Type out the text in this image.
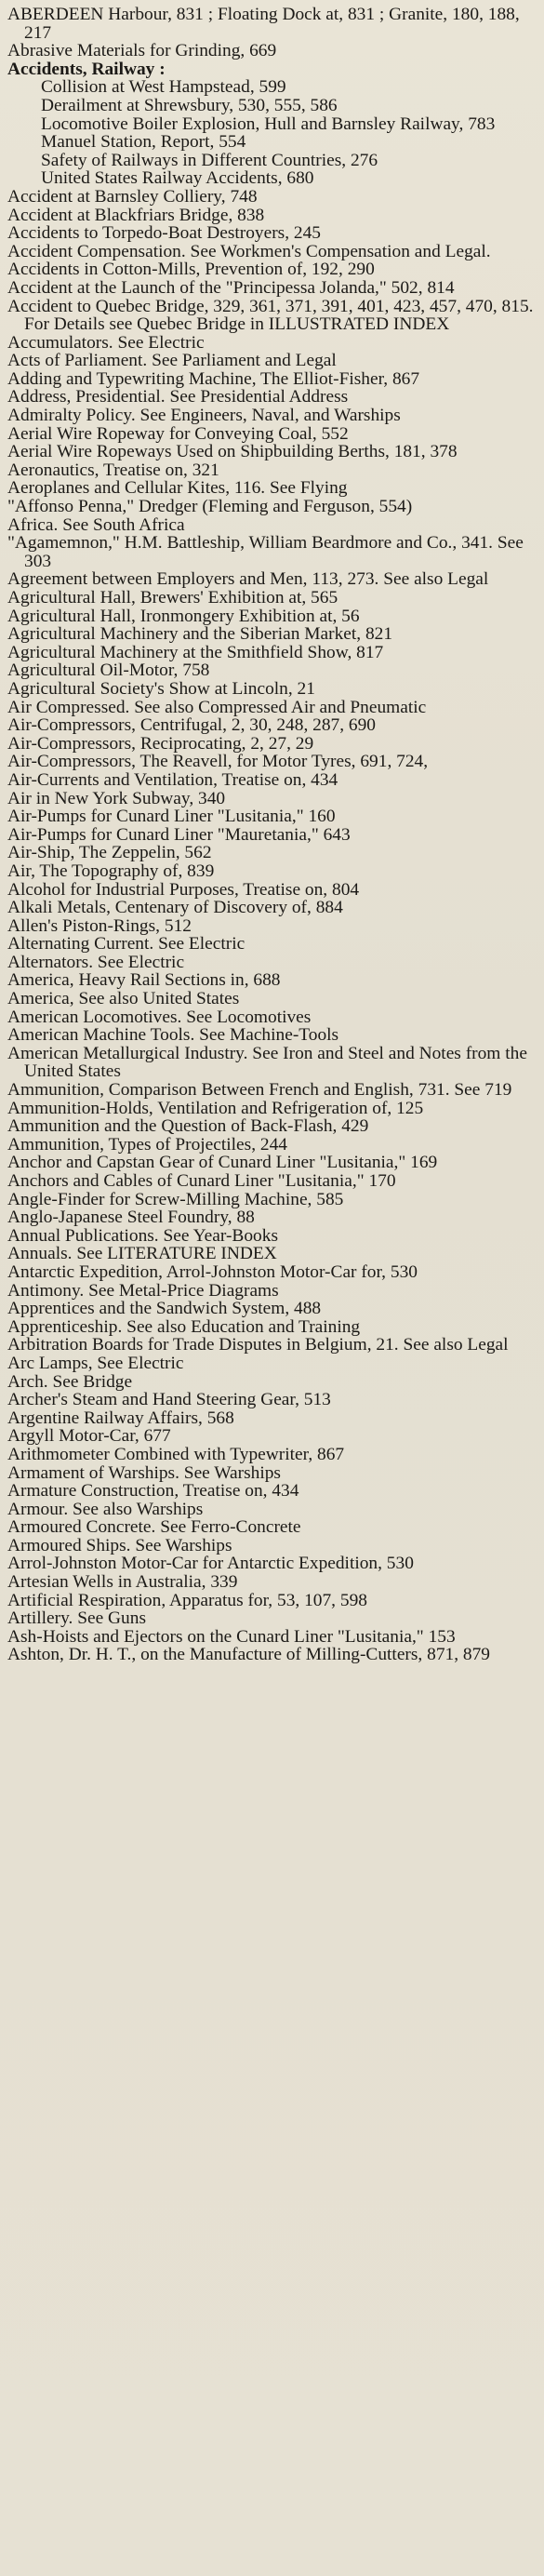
ABERDEEN Harbour, 831 ; Floating Dock at, 831 ; Granite, 180, 188, 217
Abrasive Materials for Grinding, 669
Accidents, Railway :
Collision at West Hampstead, 599
Derailment at Shrewsbury, 530, 555, 586
Locomotive Boiler Explosion, Hull and Barnsley Railway, 783
Manuel Station, Report, 554
Safety of Railways in Different Countries, 276
United States Railway Accidents, 680
Accident at Barnsley Colliery, 748
Accident at Blackfriars Bridge, 838
Accidents to Torpedo-Boat Destroyers, 245
Accident Compensation. See Workmen's Compensation and Legal.
Accidents in Cotton-Mills, Prevention of, 192, 290
Accident at the Launch of the "Principessa Jolanda," 502, 814
Accident to Quebec Bridge, 329, 361, 371, 391, 401, 423, 457, 470, 815. For Details see Quebec Bridge in ILLUSTRATED INDEX
Accumulators. See Electric
Acts of Parliament. See Parliament and Legal
Adding and Typewriting Machine, The Elliot-Fisher, 867
Address, Presidential. See Presidential Address
Admiralty Policy. See Engineers, Naval, and Warships
Aerial Wire Ropeway for Conveying Coal, 552
Aerial Wire Ropeways Used on Shipbuilding Berths, 181, 378
Aeronautics, Treatise on, 321
Aeroplanes and Cellular Kites, 116. See Flying
"Affonso Penna," Dredger (Fleming and Ferguson, 554)
Africa. See South Africa
"Agamemnon," H.M. Battleship, William Beardmore and Co., 341. See 303
Agreement between Employers and Men, 113, 273. See also Legal
Agricultural Hall, Brewers' Exhibition at, 565
Agricultural Hall, Ironmongery Exhibition at, 56
Agricultural Machinery and the Siberian Market, 821
Agricultural Machinery at the Smithfield Show, 817
Agricultural Oil-Motor, 758
Agricultural Society's Show at Lincoln, 21
Air Compressed. See also Compressed Air and Pneumatic
Air-Compressors, Centrifugal, 2, 30, 248, 287, 690
Air-Compressors, Reciprocating, 2, 27, 29
Air-Compressors, The Reavell, for Motor Tyres, 691, 724,
Air-Currents and Ventilation, Treatise on, 434
Air in New York Subway, 340
Air-Pumps for Cunard Liner "Lusitania," 160
Air-Pumps for Cunard Liner "Mauretania," 643
Air-Ship, The Zeppelin, 562
Air, The Topography of, 839
Alcohol for Industrial Purposes, Treatise on, 804
Alkali Metals, Centenary of Discovery of, 884
Allen's Piston-Rings, 512
Alternating Current. See Electric
Alternators. See Electric
America, Heavy Rail Sections in, 688
America, See also United States
American Locomotives. See Locomotives
American Machine Tools. See Machine-Tools
American Metallurgical Industry. See Iron and Steel and Notes from the United States
Ammunition, Comparison Between French and English, 731. See 719
Ammunition-Holds, Ventilation and Refrigeration of, 125
Ammunition and the Question of Back-Flash, 429
Ammunition, Types of Projectiles, 244
Anchor and Capstan Gear of Cunard Liner "Lusitania," 169
Anchors and Cables of Cunard Liner "Lusitania," 170
Angle-Finder for Screw-Milling Machine, 585
Anglo-Japanese Steel Foundry, 88
Annual Publications. See Year-Books
Annuals. See LITERATURE INDEX
Antarctic Expedition, Arrol-Johnston Motor-Car for, 530
Antimony. See Metal-Price Diagrams
Apprentices and the Sandwich System, 488
Apprenticeship. See also Education and Training
Arbitration Boards for Trade Disputes in Belgium, 21. See also Legal
Arc Lamps, See Electric
Arch. See Bridge
Archer's Steam and Hand Steering Gear, 513
Argentine Railway Affairs, 568
Argyll Motor-Car, 677
Arithmometer Combined with Typewriter, 867
Armament of Warships. See Warships
Armature Construction, Treatise on, 434
Armour. See also Warships
Armoured Concrete. See Ferro-Concrete
Armoured Ships. See Warships
Arrol-Johnston Motor-Car for Antarctic Expedition, 530
Artesian Wells in Australia, 339
Artificial Respiration, Apparatus for, 53, 107, 598
Artillery. See Guns
Ash-Hoists and Ejectors on the Cunard Liner "Lusitania," 153
Ashton, Dr. H. T., on the Manufacture of Milling-Cutters, 871, 879
